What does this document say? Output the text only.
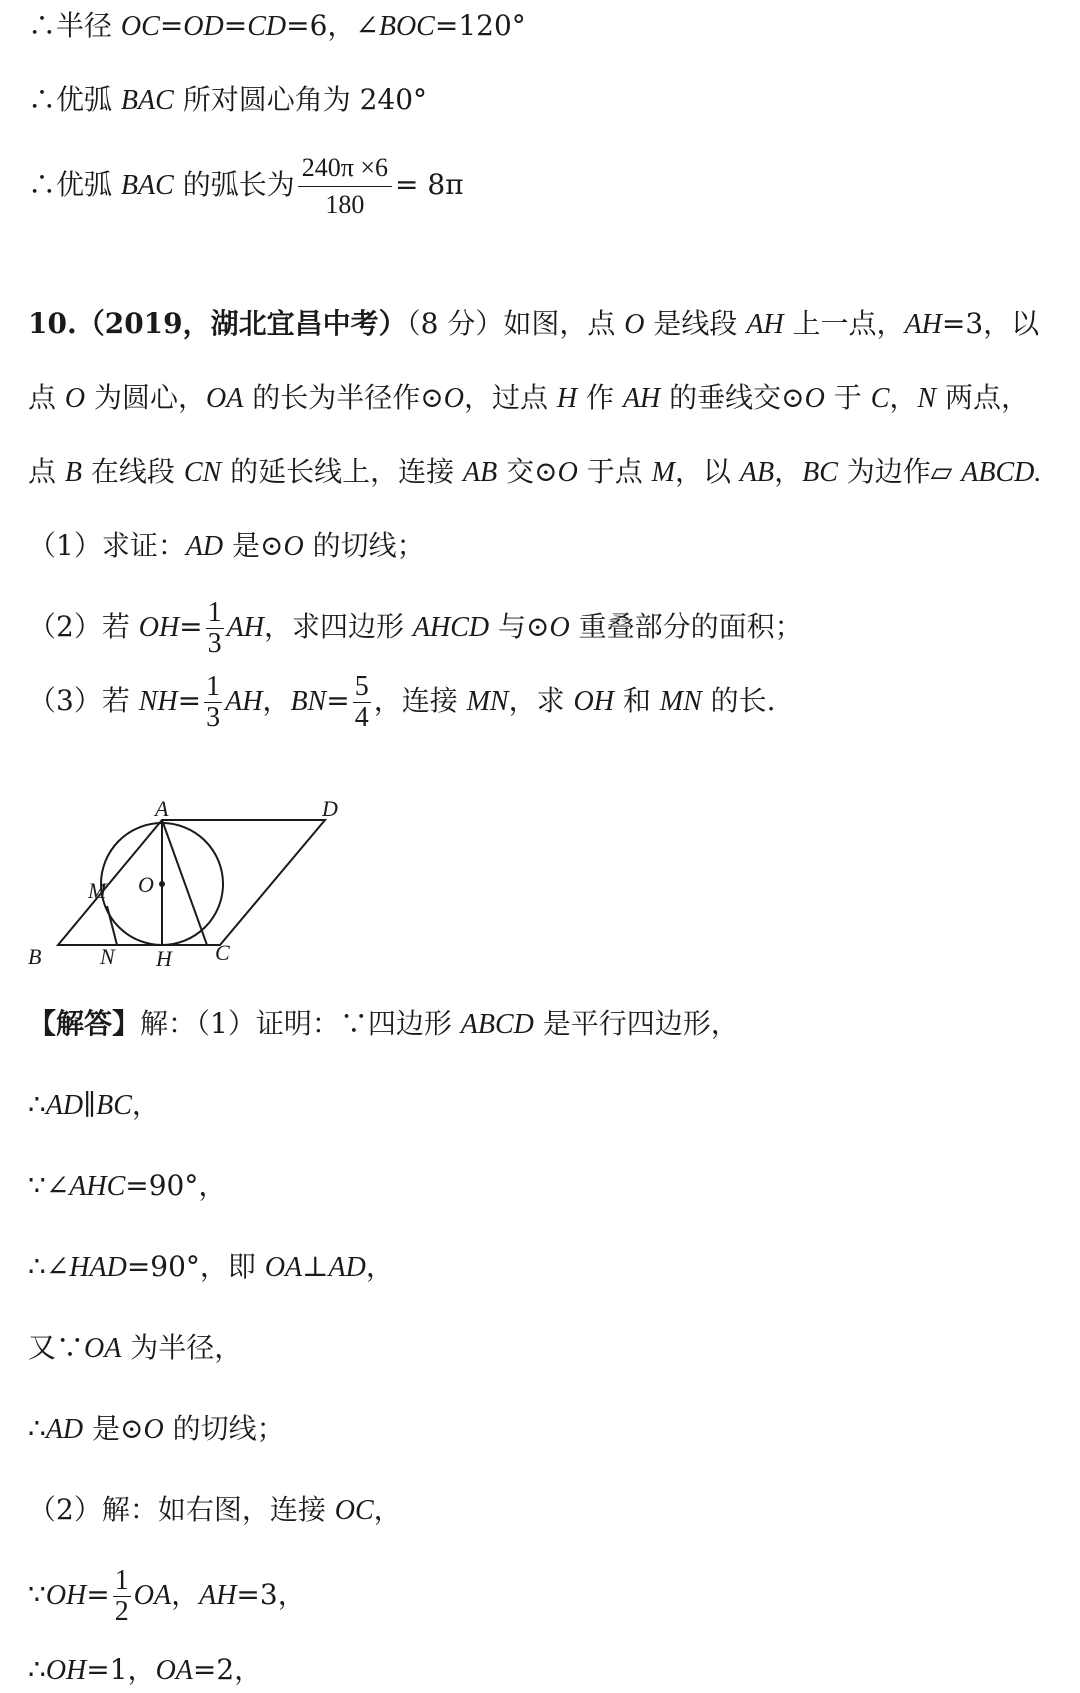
∴半径 OC=OD=CD=6，∠BOC=120°
∴优弧 BAC 所对圆心角为 240°
∴优弧 BAC 的弧长为 $\frac{240\pi \times 6}{180} = 8\pi$
10.（2019，湖北宜昌中考）（8 分）如图，点 O 是线段 AH 上一点，AH=3，以
点 O 为圆心，OA 的长为半径作⊙O，过点 H 作 AH 的垂线交⊙O 于 C，N 两点，
点 B 在线段 CN 的延长线上，连接 AB 交⊙O 于点 M，以 AB，BC 为边作▱ ABCD.
（1）求证：AD 是⊙O 的切线；
（2）若 $OH= \frac{1}{3}$ AH，求四边形 AHCD 与⊙O 重叠部分的面积；
（3）若 $NH= \frac{1}{3}$ AH，$BN= \frac{5}{4}$ ，连接 MN，求 OH 和 MN 的长.
A	D
M O
B	N H C
【解答】解：（1）证明：∵四边形 ABCD 是平行四边形，
∴AD∥BC，
∵∠AHC=90°，
∴∠HAD=90°，即 OA⊥AD，
又∵OA 为半径，
∴AD 是⊙O 的切线；
（2）解：如右图，连接 OC，
∵OH= $\frac{1}{2}$ OA，AH=3，
∴OH=1，OA=2，
